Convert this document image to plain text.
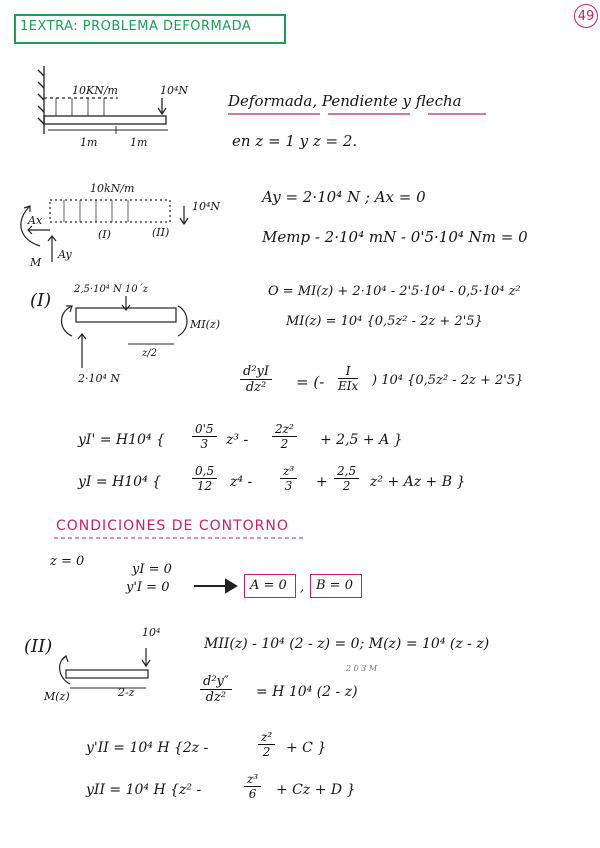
1EXTRA: PROBLEMA DEFORMADA
49
10KN/m	10⁴N
1m	1m
Deformada, Pendiente y flecha
en z = 1 y z = 2.
10kN/m
10⁴N
Ax
Ay
M
(I)	(II)
Ay = 2·10⁴ N ; Ax = 0
Memp - 2·10⁴ mN - 0'5·10⁴ Nm = 0
(I)
2,5·10⁴ N 10´z
MI(z)
2·10⁴ N
z/2
O = MI(z) + 2·10⁴ - 2'5·10⁴ - 0,5·10⁴ z²
MI(z) = 10⁴ {0,5z² - 2z + 2'5}
$\frac{\text{d²yI}}{\text{dz²}}$ = (-
I
EIx ) 10⁴ {0,5z² - 2z + 2'5}
yI' = H10⁴ { $\frac{0'5}{3} z^3 - \frac{\text{2z²}}{2} + 2,5 + A$ }
yI = H10⁴ {	$\frac{0,5}{12} z^4 - \frac{\text{z³}}{3} + \frac{2,5}{2} z^2 + Az + B$ }
CONDICIONES DE CONTORNO
z = 0
yI = 0
y'I = 0	A = 0 , B = 0
(II)
10⁴
M(z)	2-z
MII(z) - 10⁴ (2 - z) = 0; M(z) = 10⁴ (z - z)
2 0 3 M
$\frac{\text{d²y″}}{\text{dz²}} = H$ 10⁴ (2 - z)
y'II = 10⁴ H {2z -	$\frac{\text{z²}}{2} + C$ }
yII = 10⁴ H {z² -	$\frac{\text{z³}}{6} + Cz + D$ }
